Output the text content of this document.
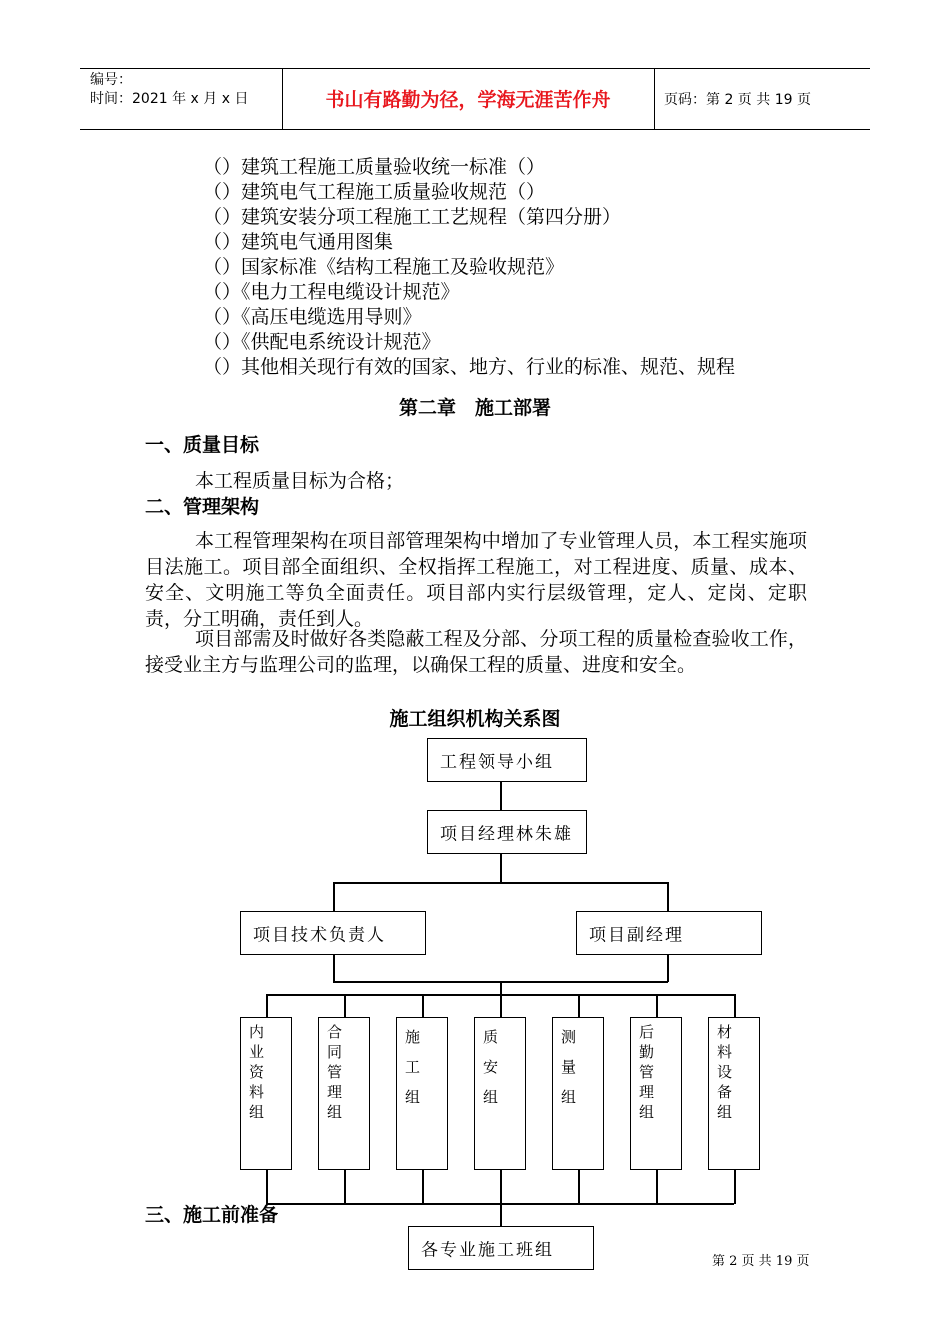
编号：
时间：2021 年 x 月 x 日	书山有路勤为径，学海无涯苦作舟	页码：第 2 页 共 19 页
（）建筑工程施工质量验收统一标准（）
（）建筑电气工程施工质量验收规范（）
（）建筑安装分项工程施工工艺规程（第四分册）
（）建筑电气通用图集
（）国家标准《结构工程施工及验收规范》
（）《电力工程电缆设计规范》
（）《高压电缆选用导则》
（）《供配电系统设计规范》
（）其他相关现行有效的国家、地方、行业的标准、规范、规程
第二章　施工部署
一、质量目标
本工程质量目标为合格；
二、管理架构
本工程管理架构在项目部管理架构中增加了专业管理人员，本工程实施项目法施工。项目部全面组织、全权指挥工程施工，对工程进度、质量、成本、安全、文明施工等负全面责任。项目部内实行层级管理，定人、定岗、定职责，分工明确，责任到人。
项目部需及时做好各类隐蔽工程及分部、分项工程的质量检查验收工作，接受业主方与监理公司的监理，以确保工程的质量、进度和安全。
施工组织机构关系图
工程领导小组
项目经理林朱雄
项目技术负责人	项目副经理
内业资料组
合同管理组
施工组
质安组
测量组
后勤管理组
材料设备组
各专业施工班组
三、施工前准备
第 2 页 共 19 页
